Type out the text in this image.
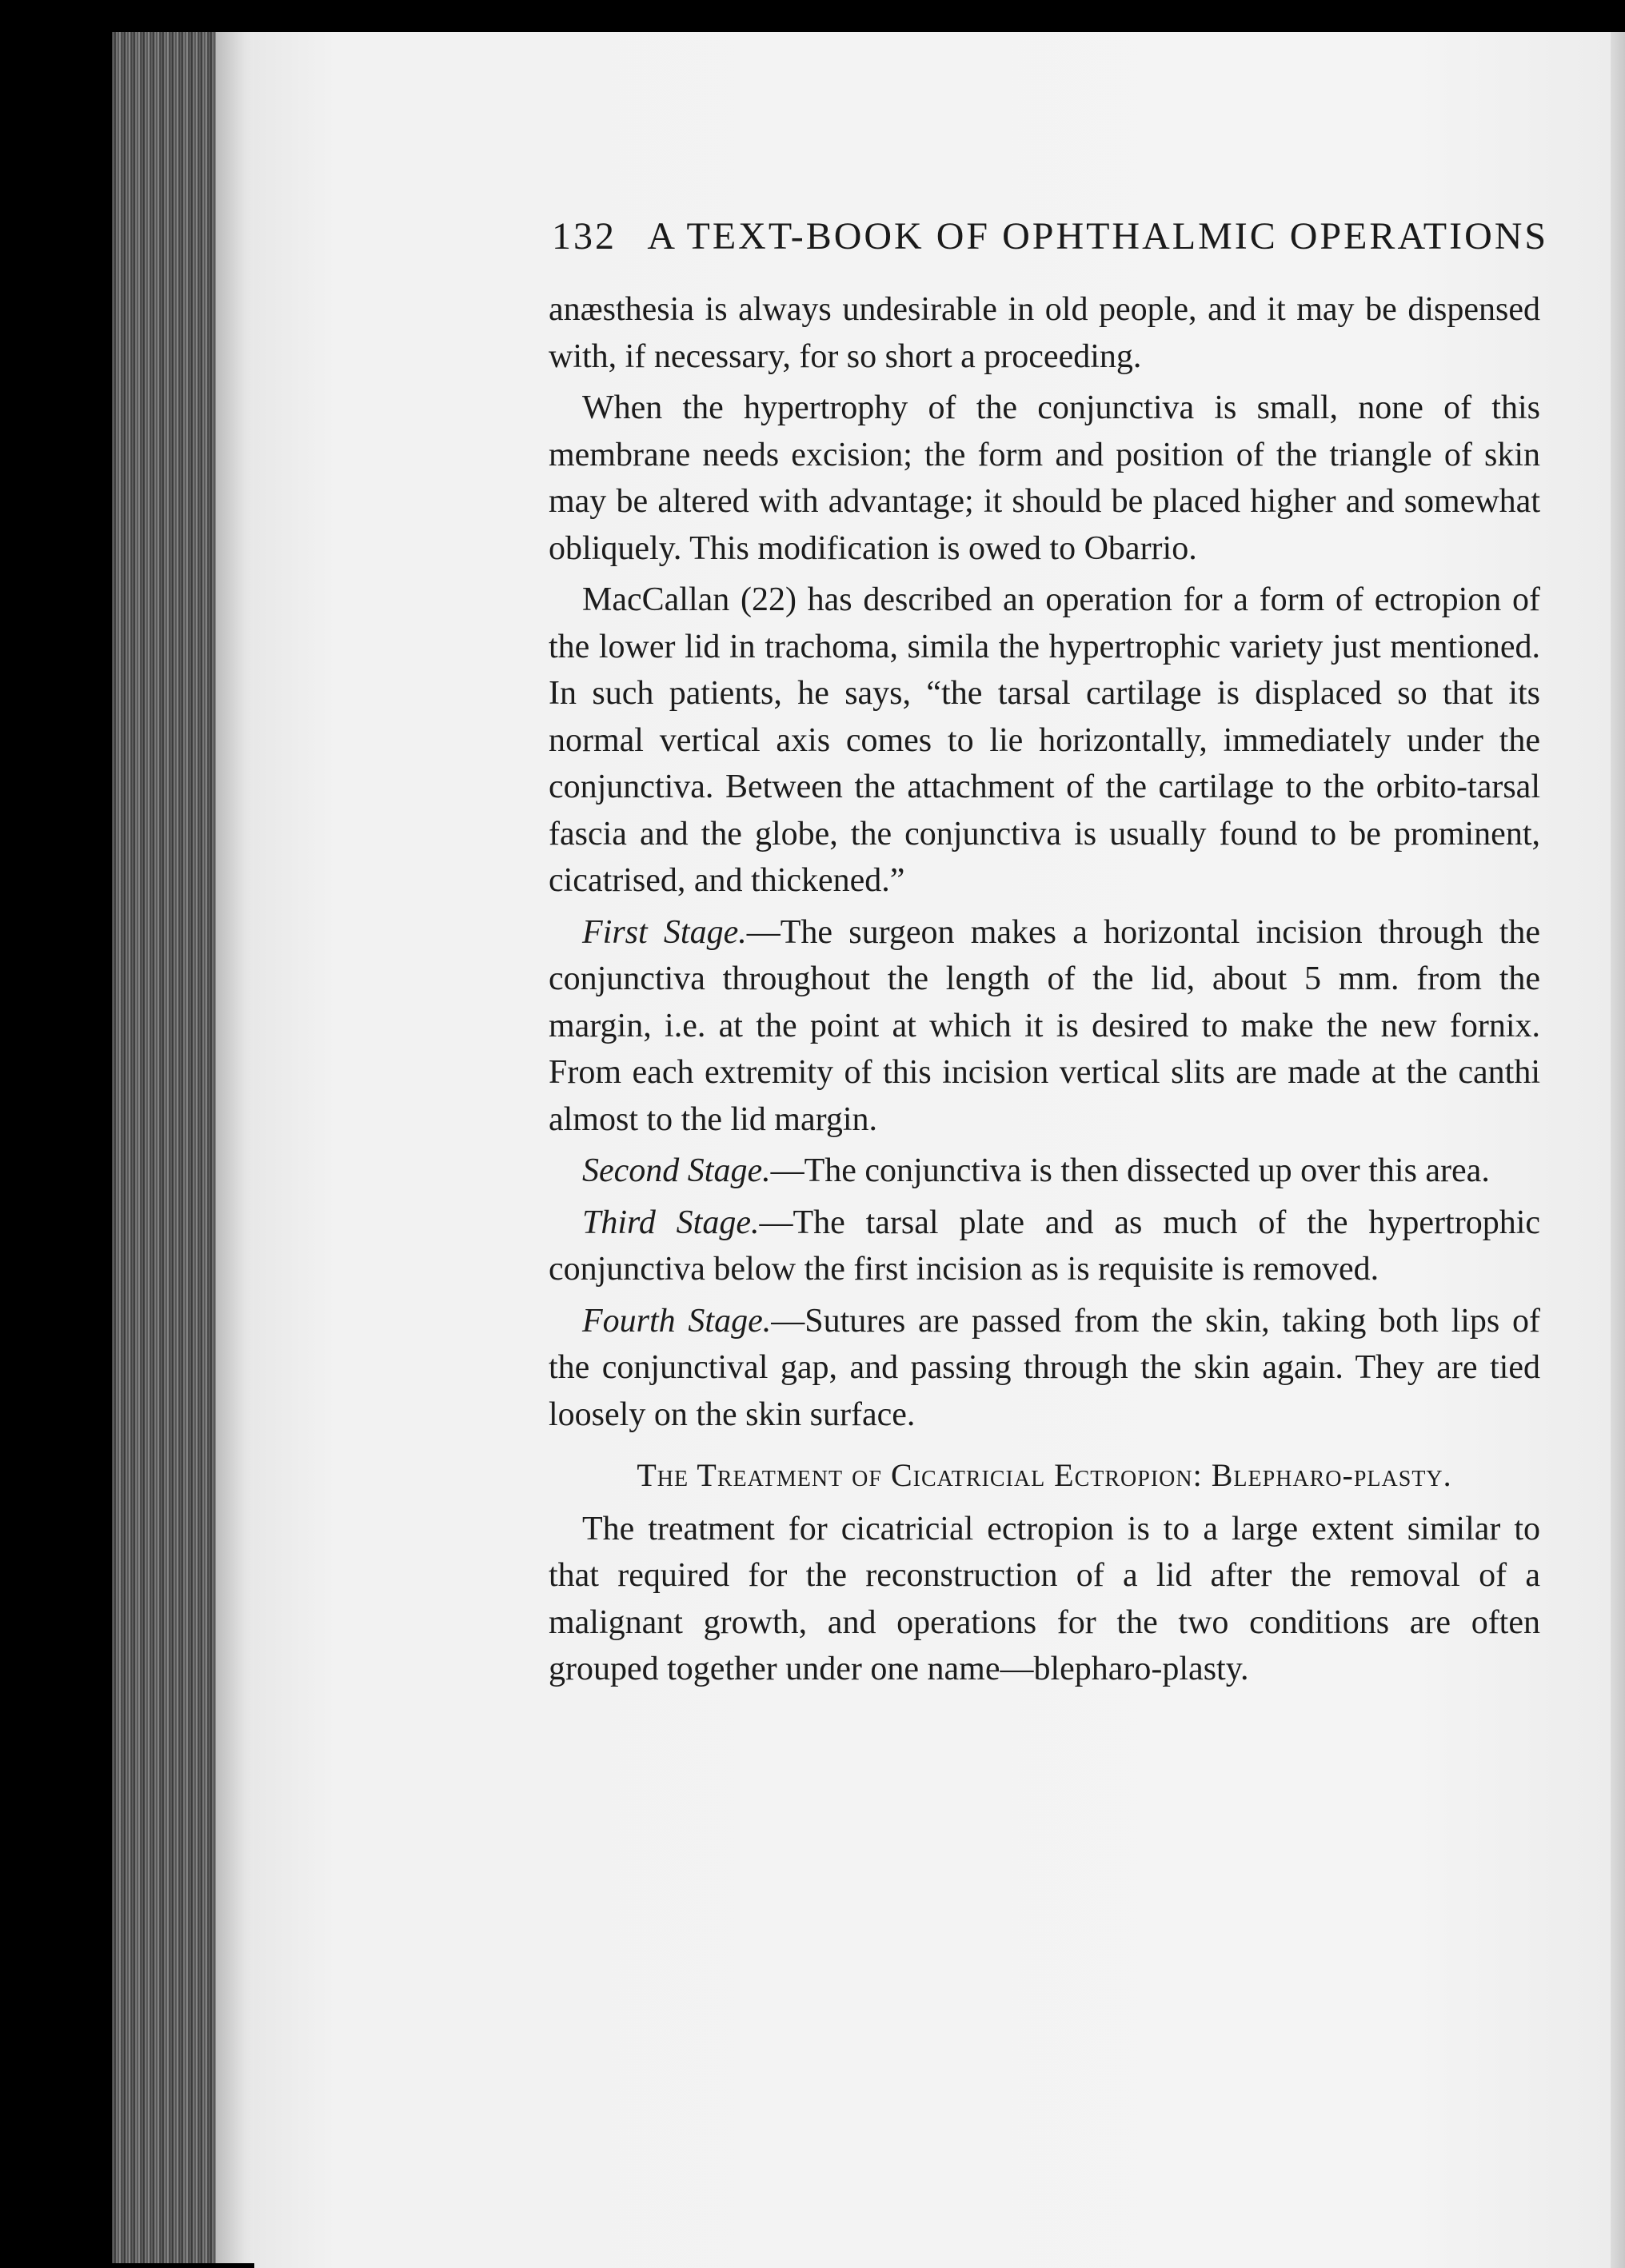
132 A TEXT-BOOK OF OPHTHALMIC OPERATIONS

anæsthesia is always undesirable in old people, and it may be dispensed with, if necessary, for so short a proceeding.

When the hypertrophy of the conjunctiva is small, none of this membrane needs excision; the form and position of the triangle of skin may be altered with advantage; it should be placed higher and somewhat obliquely. This modification is owed to Obarrio.

MacCallan (22) has described an operation for a form of ectropion of the lower lid in trachoma, simila the hypertrophic variety just mentioned. In such patients, he says, “the tarsal cartilage is displaced so that its normal vertical axis comes to lie horizontally, immediately under the conjunctiva. Between the attachment of the cartilage to the orbito-tarsal fascia and the globe, the conjunctiva is usually found to be prominent, cicatrised, and thickened.”

First Stage.—The surgeon makes a horizontal incision through the conjunctiva throughout the length of the lid, about 5 mm. from the margin, i.e. at the point at which it is desired to make the new fornix. From each extremity of this incision vertical slits are made at the canthi almost to the lid margin.

Second Stage.—The conjunctiva is then dissected up over this area.

Third Stage.—The tarsal plate and as much of the hypertrophic conjunctiva below the first incision as is requisite is removed.

Fourth Stage.—Sutures are passed from the skin, taking both lips of the conjunctival gap, and passing through the skin again. They are tied loosely on the skin surface.

The Treatment of Cicatricial Ectropion: Blepharo-plasty.

The treatment for cicatricial ectropion is to a large extent similar to that required for the reconstruction of a lid after the removal of a malignant growth, and operations for the two conditions are often grouped together under one name—blepharo-plasty.
